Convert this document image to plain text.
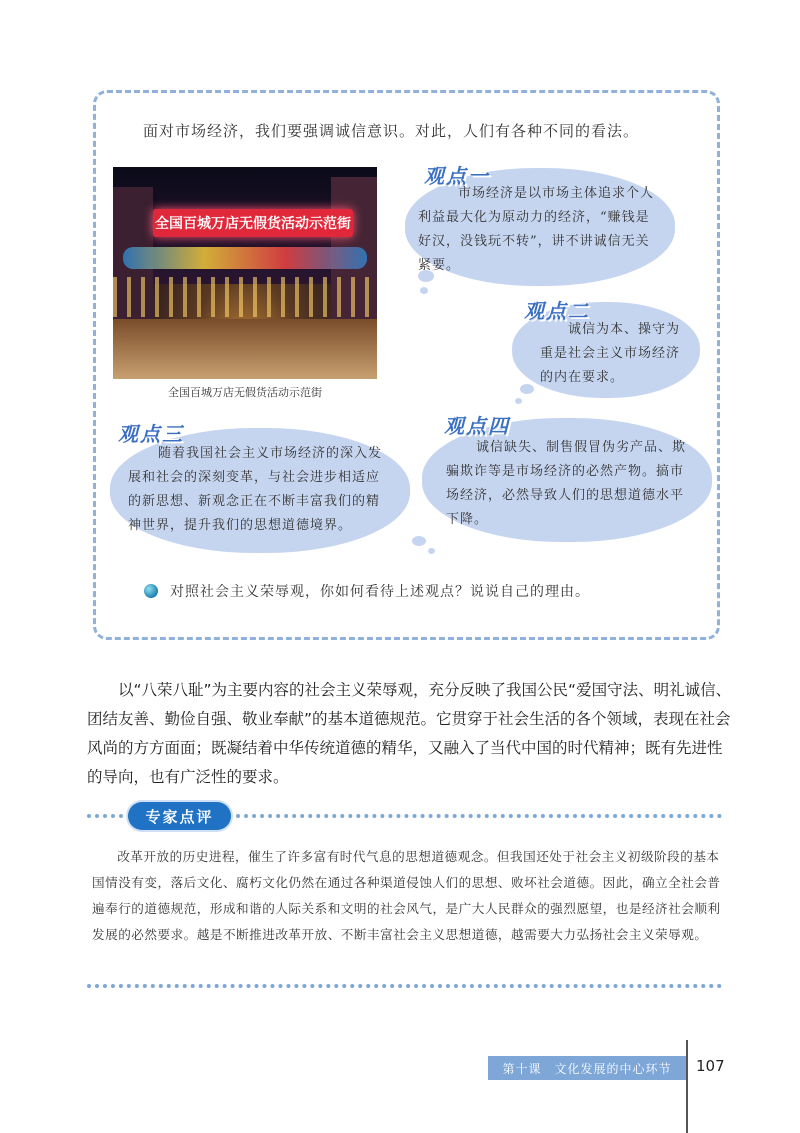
面对市场经济，我们要强调诚信意识。对此，人们有各种不同的看法。
全国百城万店无假货活动示范街
全国百城万店无假货活动示范街
观点一
市场经济是以市场主体追求个人利益最大化为原动力的经济，“赚钱是好汉，没钱玩不转”，讲不讲诚信无关紧要。
观点二
诚信为本、操守为重是社会主义市场经济的内在要求。
观点三
随着我国社会主义市场经济的深入发展和社会的深刻变革，与社会进步相适应的新思想、新观念正在不断丰富我们的精神世界，提升我们的思想道德境界。
观点四
诚信缺失、制售假冒伪劣产品、欺骗欺诈等是市场经济的必然产物。搞市场经济，必然导致人们的思想道德水平下降。
对照社会主义荣辱观，你如何看待上述观点？说说自己的理由。

以“八荣八耻”为主要内容的社会主义荣辱观，充分反映了我国公民“爱国守法、明礼诚信、团结友善、勤俭自强、敬业奉献”的基本道德规范。它贯穿于社会生活的各个领域，表现在社会风尚的方方面面；既凝结着中华传统道德的精华，又融入了当代中国的时代精神；既有先进性的导向，也有广泛性的要求。

专家点评

改革开放的历史进程，催生了许多富有时代气息的思想道德观念。但我国还处于社会主义初级阶段的基本国情没有变，落后文化、腐朽文化仍然在通过各种渠道侵蚀人们的思想、败坏社会道德。因此，确立全社会普遍奉行的道德规范，形成和谐的人际关系和文明的社会风气，是广大人民群众的强烈愿望，也是经济社会顺利发展的必然要求。越是不断推进改革开放、不断丰富社会主义思想道德，越需要大力弘扬社会主义荣辱观。

第十课　文化发展的中心环节	107
